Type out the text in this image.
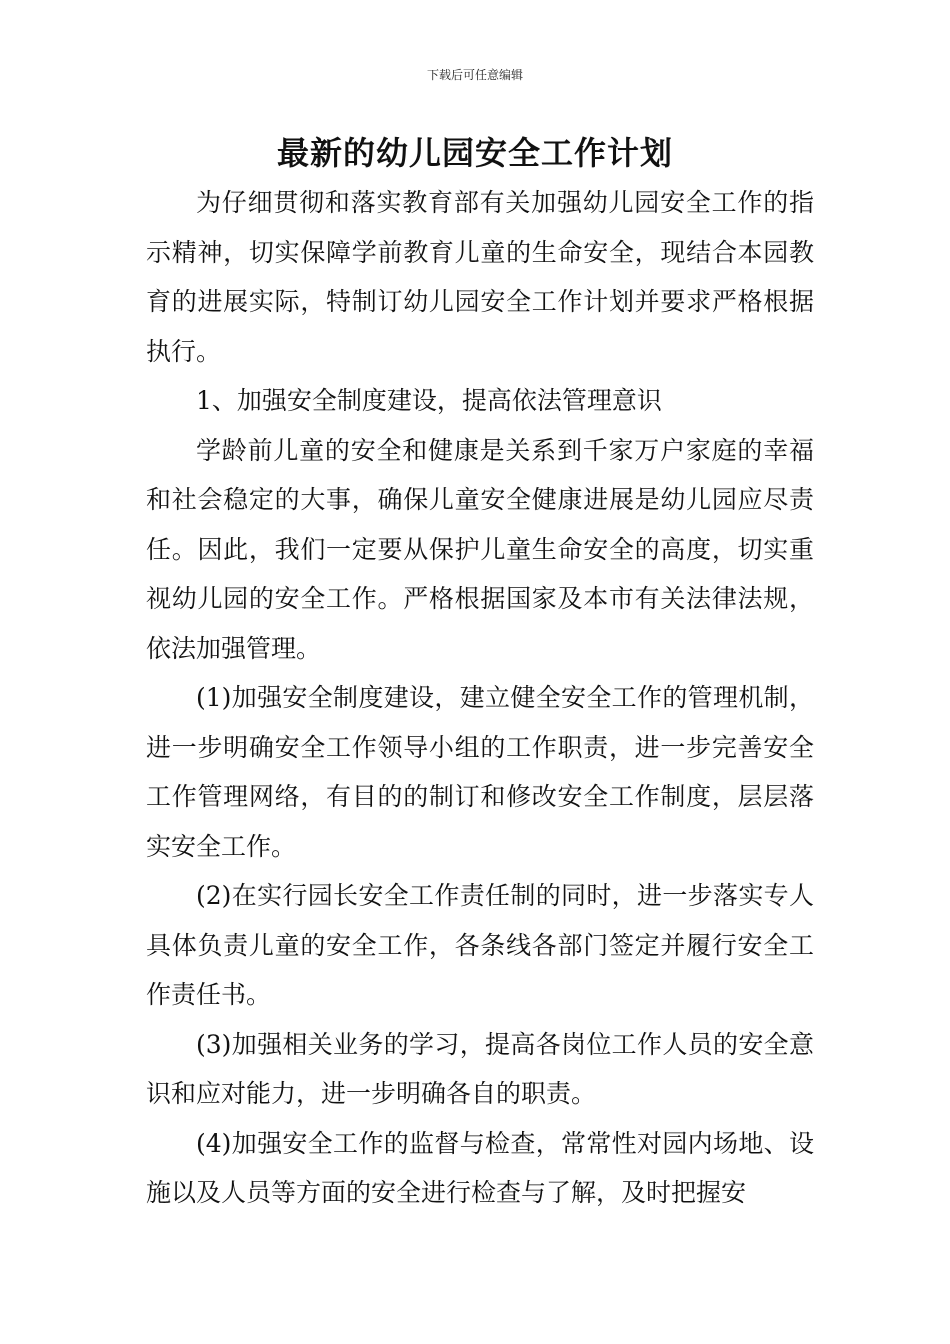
下载后可任意编辑
最新的幼儿园安全工作计划

为仔细贯彻和落实教育部有关加强幼儿园安全工作的指示精神，切实保障学前教育儿童的生命安全，现结合本园教育的进展实际，特制订幼儿园安全工作计划并要求严格根据执行。

1、加强安全制度建设，提高依法管理意识

学龄前儿童的安全和健康是关系到千家万户家庭的幸福和社会稳定的大事，确保儿童安全健康进展是幼儿园应尽责任。因此，我们一定要从保护儿童生命安全的高度，切实重视幼儿园的安全工作。严格根据国家及本市有关法律法规，依法加强管理。

(1)加强安全制度建设，建立健全安全工作的管理机制，进一步明确安全工作领导小组的工作职责，进一步完善安全工作管理网络，有目的的制订和修改安全工作制度，层层落实安全工作。

(2)在实行园长安全工作责任制的同时，进一步落实专人具体负责儿童的安全工作，各条线各部门签定并履行安全工作责任书。

(3)加强相关业务的学习，提高各岗位工作人员的安全意识和应对能力，进一步明确各自的职责。

(4)加强安全工作的监督与检查，常常性对园内场地、设施以及人员等方面的安全进行检查与了解，及时把握安
